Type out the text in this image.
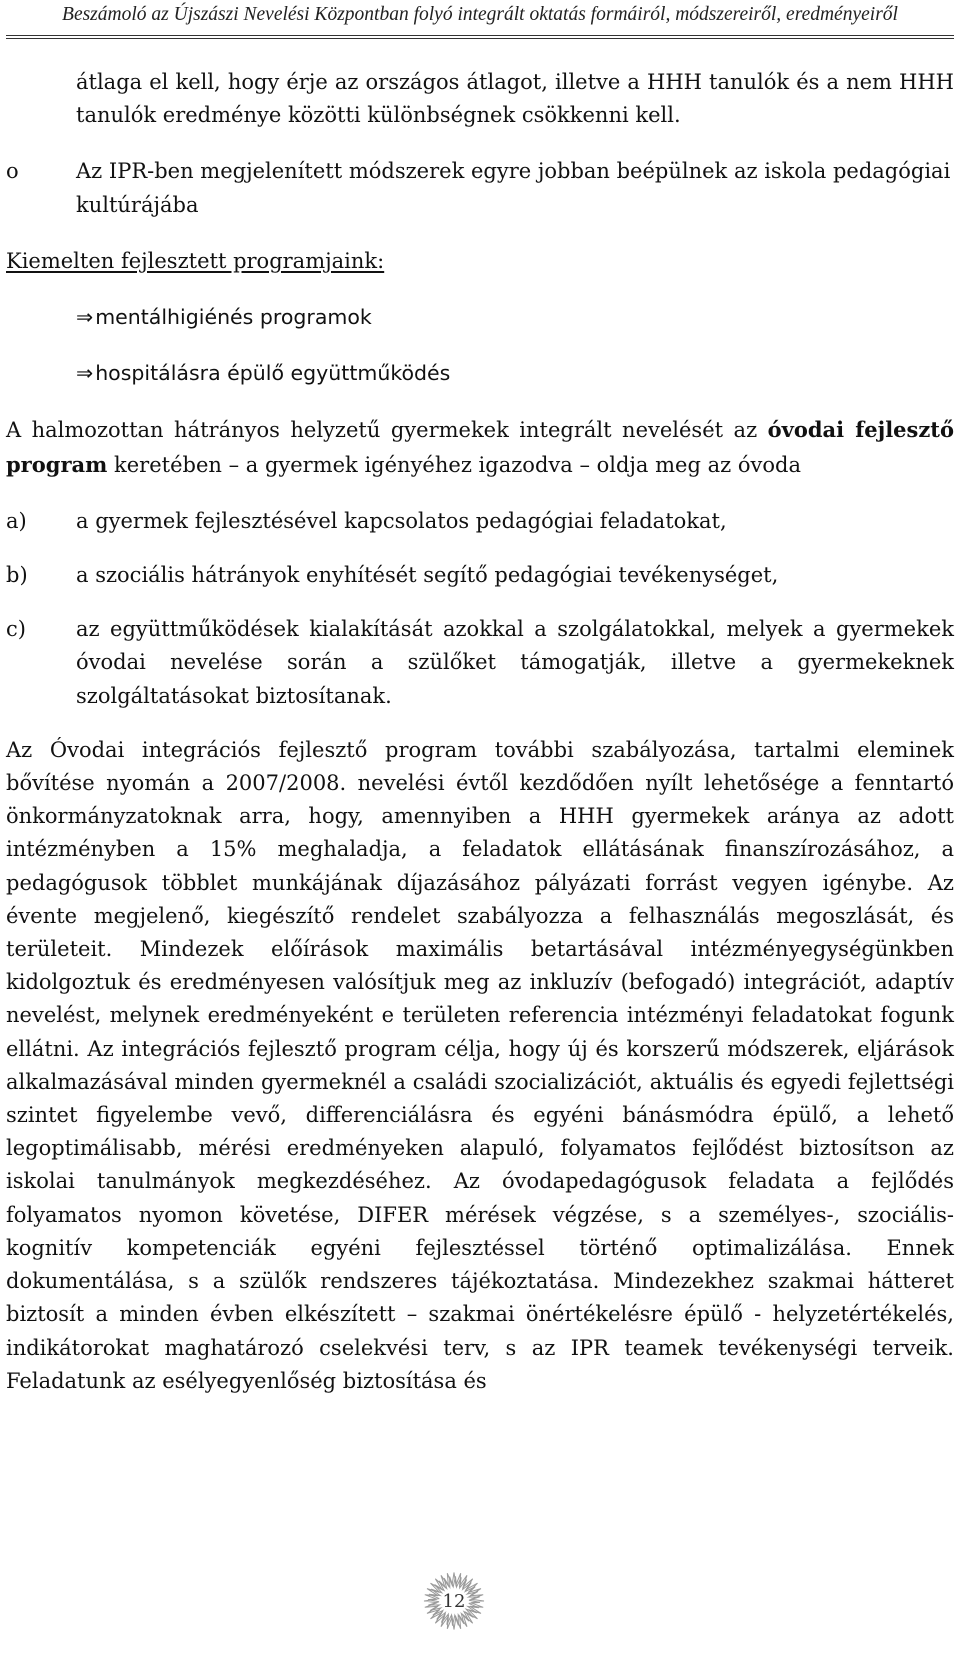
Beszámoló az Újszászi Nevelési Központban folyó integrált oktatás formáiról, módszereiről, eredményeiről
átlaga el kell, hogy érje az országos átlagot, illetve a HHH tanulók és a nem HHH tanulók eredménye közötti különbségnek csökkenni kell.
o	Az IPR-ben megjelenített módszerek egyre jobban beépülnek az iskola pedagógiai kultúrájába
Kiemelten fejlesztett programjaink:
⇒ mentálhigiénés programok
⇒ hospitálásra épülő együttműködés
A halmozottan hátrányos helyzetű gyermekek integrált nevelését az óvodai fejlesztő program keretében – a gyermek igényéhez igazodva – oldja meg az óvoda
a)	a gyermek fejlesztésével kapcsolatos pedagógiai feladatokat,
b)	a szociális hátrányok enyhítését segítő pedagógiai tevékenységet,
c)	az együttműködések kialakítását azokkal a szolgálatokkal, melyek a gyermekek óvodai nevelése során a szülőket támogatják, illetve a gyermekeknek szolgáltatásokat biztosítanak.
Az Óvodai integrációs fejlesztő program további szabályozása, tartalmi eleminek bővítése nyomán a 2007/2008. nevelési évtől kezdődően nyílt lehetősége a fenntartó önkormányzatoknak arra, hogy, amennyiben a HHH gyermekek aránya az adott intézményben a 15% meghaladja, a feladatok ellátásának finanszírozásához, a pedagógusok többlet munkájának díjazásához pályázati forrást vegyen igénybe. Az évente megjelenő, kiegészítő rendelet szabályozza a felhasználás megoszlását, és területeit. Mindezek előírások maximális betartásával intézményegységünkben kidolgoztuk és eredményesen valósítjuk meg az inkluzív (befogadó) integrációt, adaptív nevelést, melynek eredményeként e területen referencia intézményi feladatokat fogunk ellátni. Az integrációs fejlesztő program célja, hogy új és korszerű módszerek, eljárások alkalmazásával minden gyermeknél a családi szocializációt, aktuális és egyedi fejlettségi szintet figyelembe vevő, differenciálásra és egyéni bánásmódra épülő, a lehető legoptimálisabb, mérési eredményeken alapuló, folyamatos fejlődést biztosítson az iskolai tanulmányok megkezdéséhez. Az óvodapedagógusok feladata a fejlődés folyamatos nyomon követése, DIFER mérések végzése, s a személyes-, szociális- kognitív kompetenciák egyéni fejlesztéssel történő optimalizálása. Ennek dokumentálása, s a szülők rendszeres tájékoztatása. Mindezekhez szakmai hátteret biztosít a minden évben elkészített – szakmai önértékelésre épülő - helyzetértékelés, indikátorokat maghatározó cselekvési terv, s az IPR teamek tevékenységi terveik. Feladatunk az esélyegyenlőség biztosítása és
12
